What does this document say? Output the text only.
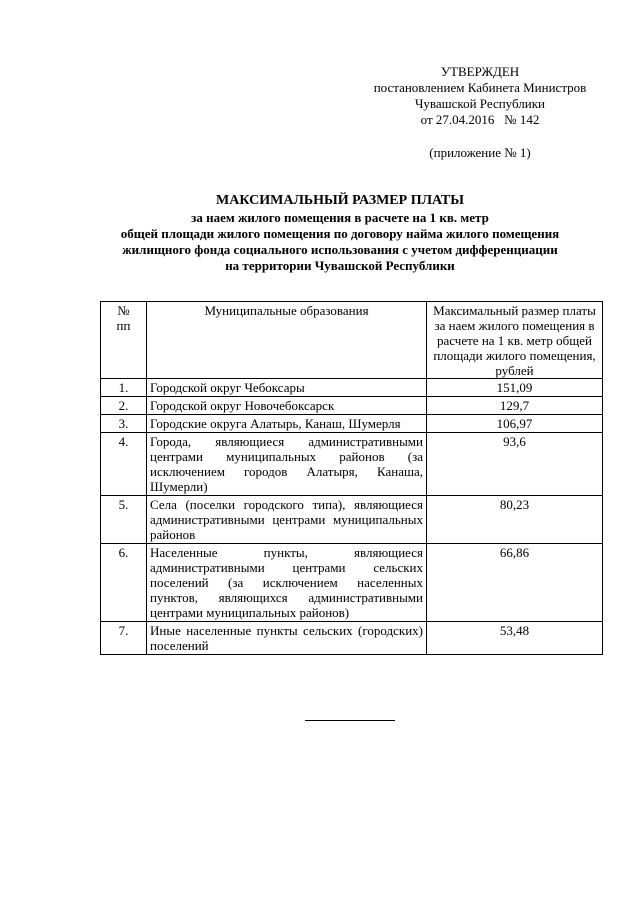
УТВЕРЖДЕН
постановлением Кабинета Министров
Чувашской Республики
от 27.04.2016   № 142
(приложение № 1)
МАКСИМАЛЬНЫЙ РАЗМЕР ПЛАТЫ
за наем жилого помещения в расчете на 1 кв. метр
общей площади жилого помещения по договору найма жилого помещения
жилищного фонда социального использования с учетом дифференциации
на территории Чувашской Республики
№ пп	Муниципальные образования	Максимальный размер платы за наем жилого помещения в расчете на 1 кв. метр общей площади жилого помещения, рублей
1.	Городской округ Чебоксары	151,09
2.	Городской округ Новочебоксарск	129,7
3.	Городские округа Алатырь, Канаш, Шумерля	106,97
4.	Города, являющиеся административными центрами муниципальных районов (за исключением городов Алатыря, Канаша, Шумерли)	93,6
5.	Села (поселки городского типа), являющиеся административными центрами муниципальных районов	80,23
6.	Населенные пункты, являющиеся административными центрами сельских поселений (за исключением населенных пунктов, являющихся административными центрами муниципальных районов)	66,86
7.	Иные населенные пункты сельских (городских) поселений	53,48
